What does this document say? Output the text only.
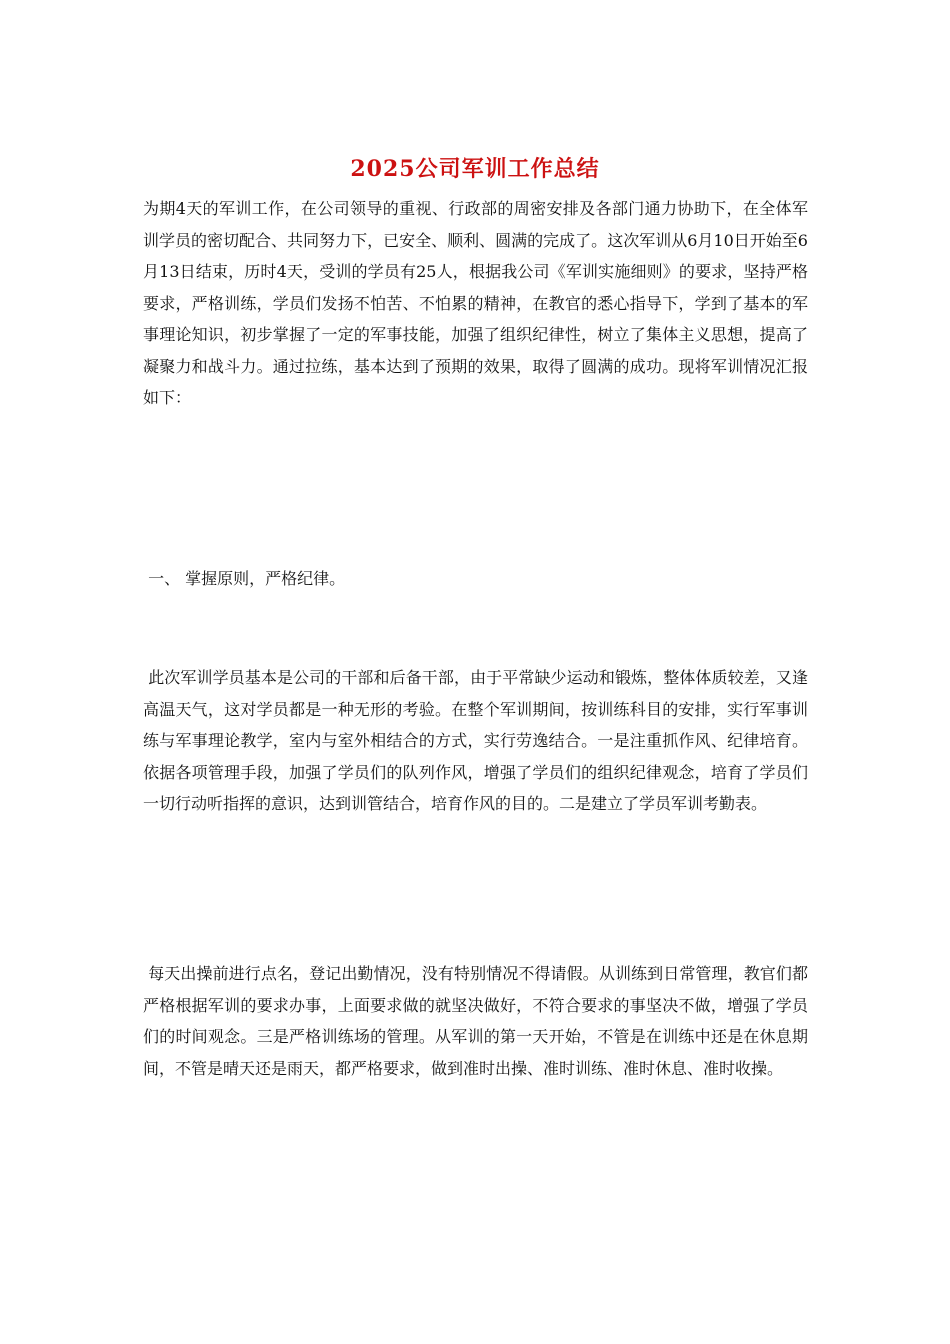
2025公司军训工作总结

为期4天的军训工作，在公司领导的重视、行政部的周密安排及各部门通力协助下，在全体军训学员的密切配合、共同努力下，已安全、顺利、圆满的完成了。这次军训从6月10日开始至6月13日结束，历时4天，受训的学员有25人，根据我公司《军训实施细则》的要求，坚持严格要求，严格训练，学员们发扬不怕苦、不怕累的精神，在教官的悉心指导下，学到了基本的军事理论知识，初步掌握了一定的军事技能，加强了组织纪律性，树立了集体主义思想，提高了凝聚力和战斗力。通过拉练，基本达到了预期的效果，取得了圆满的成功。现将军训情况汇报如下：

一、 掌握原则，严格纪律。

此次军训学员基本是公司的干部和后备干部，由于平常缺少运动和锻炼，整体体质较差，又逢高温天气，这对学员都是一种无形的考验。在整个军训期间，按训练科目的安排，实行军事训练与军事理论教学，室内与室外相结合的方式，实行劳逸结合。一是注重抓作风、纪律培育。依据各项管理手段，加强了学员们的队列作风，增强了学员们的组织纪律观念，培育了学员们 一切行动听指挥的意识，达到训管结合，培育作风的目的。二是建立了学员军训考勤表。

每天出操前进行点名，登记出勤情况，没有特别情况不得请假。从训练到日常管理，教官们都严格根据军训的要求办事，上面要求做的就坚决做好，不符合要求的事坚决不做，增强了学员们的时间观念。三是严格训练场的管理。从军训的第一天开始，不管是在训练中还是在休息期间，不管是晴天还是雨天，都严格要求，做到准时出操、准时训练、准时休息、准时收操。
